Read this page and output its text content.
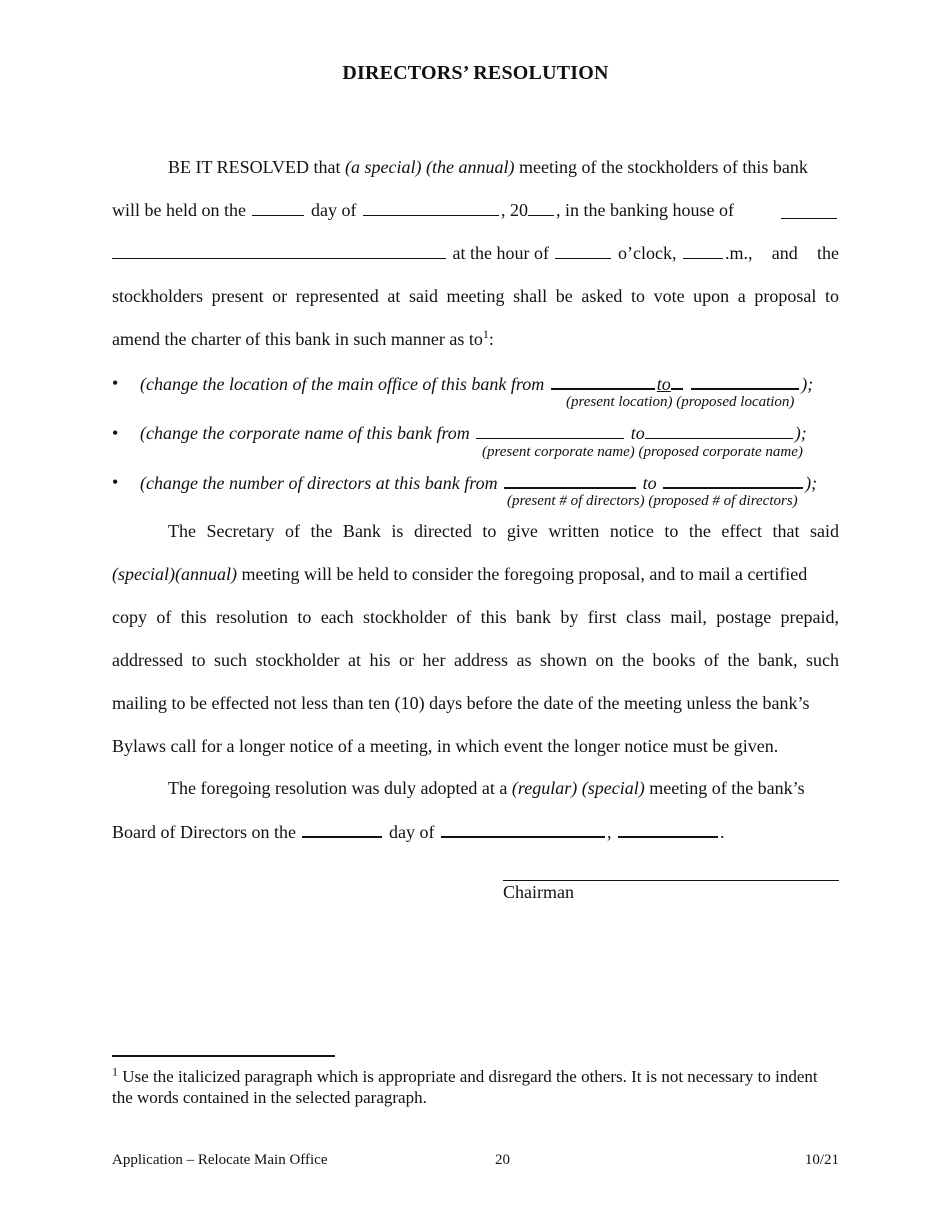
DIRECTORS’ RESOLUTION
BE IT RESOLVED that (a special) (the annual) meeting of the stockholders of this bank
will be held on the	day of	, 20 , in the banking house of
at the hour of	o’clock,	.m., and the
stockholders present or represented at said meeting shall be asked to vote upon a proposal to
amend the charter of this bank in such manner as $to^1$:
• (change the location of the main office of this bank from	to	);
(present location) (proposed location)
• (change the corporate name of this bank from	to	);
(present corporate name) (proposed corporate name)
• (change the number of directors at this bank from	to	);
(present # of directors) (proposed # of directors)
The Secretary of the Bank is directed to give written notice to the effect that said
(special)(annual) meeting will be held to consider the foregoing proposal, and to mail a certified
copy of this resolution to each stockholder of this bank by first class mail, postage prepaid,
addressed to such stockholder at his or her address as shown on the books of the bank, such
mailing to be effected not less than ten (10) days before the date of the meeting unless the bank’s
Bylaws call for a longer notice of a meeting, in which event the longer notice must be given.
The foregoing resolution was duly adopted at a (regular) (special) meeting of the bank’s
Board of Directors on the	day of	,	.
Chairman
$^1$ Use the italicized paragraph which is appropriate and disregard the others. It is not necessary to indent the words contained in the selected paragraph.
Application – Relocate Main Office	20	10/21
